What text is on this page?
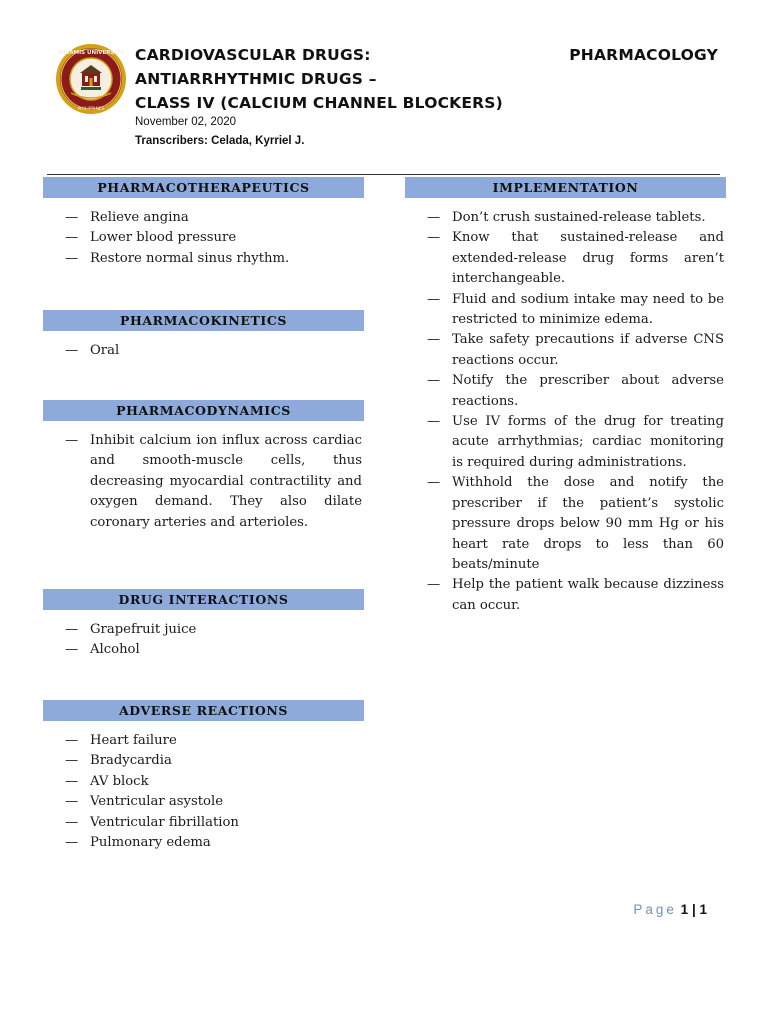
MISAMIS UNIVERSITY
PHILIPPINES
CARDIOVASCULAR DRUGS:
ANTIARRHYTHMIC DRUGS –
CLASS IV (CALCIUM CHANNEL BLOCKERS)
PHARMACOLOGY
November 02, 2020
Transcribers: Celada, Kyrriel J.
PHARMACOTHERAPEUTICS
— Relieve angina
— Lower blood pressure
— Restore normal sinus rhythm.
PHARMACOKINETICS
— Oral
PHARMACODYNAMICS
— Inhibit calcium ion influx across cardiac and smooth-muscle cells, thus decreasing myocardial contractility and oxygen demand. They also dilate coronary arteries and arterioles.
DRUG INTERACTIONS
— Grapefruit juice
— Alcohol
ADVERSE REACTIONS
— Heart failure
— Bradycardia
— AV block
— Ventricular asystole
— Ventricular fibrillation
— Pulmonary edema
IMPLEMENTATION
— Don’t crush sustained-release tablets.
— Know that sustained-release and extended-release drug forms aren’t interchangeable.
— Fluid and sodium intake may need to be restricted to minimize edema.
— Take safety precautions if adverse CNS reactions occur.
— Notify the prescriber about adverse reactions.
— Use IV forms of the drug for treating acute arrhythmias; cardiac monitoring is required during administrations.
— Withhold the dose and notify the prescriber if the patient’s systolic pressure drops below 90 mm Hg or his heart rate drops to less than 60 beats/minute
— Help the patient walk because dizziness can occur.
Page 1 | 1
